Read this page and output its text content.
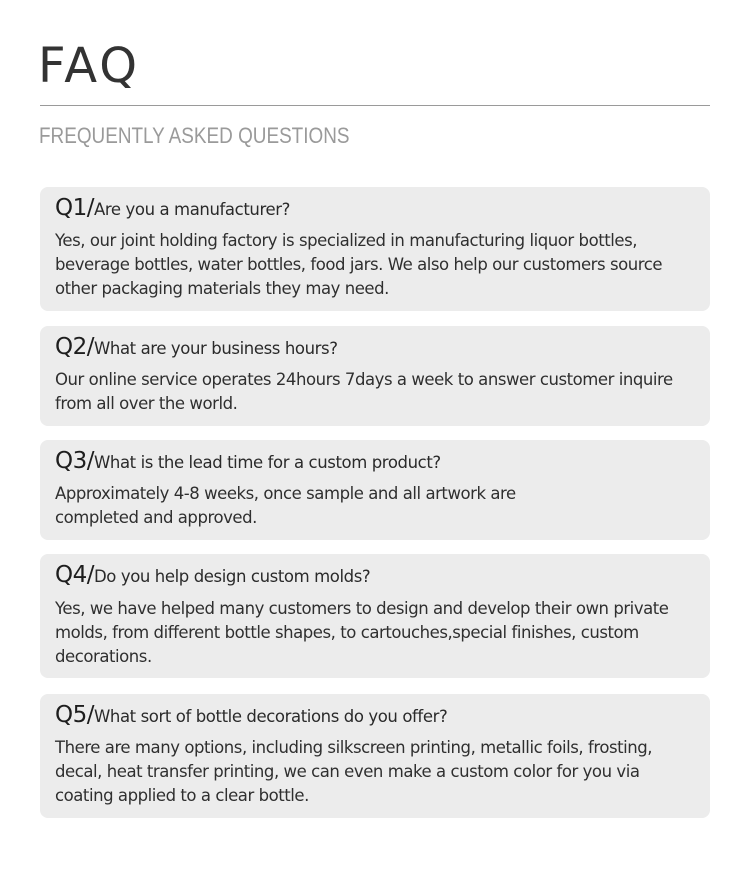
FAQ
FREQUENTLY ASKED QUESTIONS
Q1/Are you a manufacturer?

Yes, our joint holding factory is specialized in manufacturing liquor bottles, beverage bottles, water bottles, food jars. We also help our customers source other packaging materials they may need.

Q2/What are your business hours?

Our online service operates 24hours 7days a week to answer customer inquire from all over the world.

Q3/What is the lead time for a custom product?

Approximately 4-8 weeks, once sample and all artwork are completed and approved.

Q4/Do you help design custom molds?

Yes, we have helped many customers to design and develop their own private molds, from different bottle shapes, to cartouches,special finishes, custom decorations.

Q5/What sort of bottle decorations do you offer?

There are many options, including silkscreen printing, metallic foils, frosting, decal, heat transfer printing, we can even make a custom color for you via coating applied to a clear bottle.
